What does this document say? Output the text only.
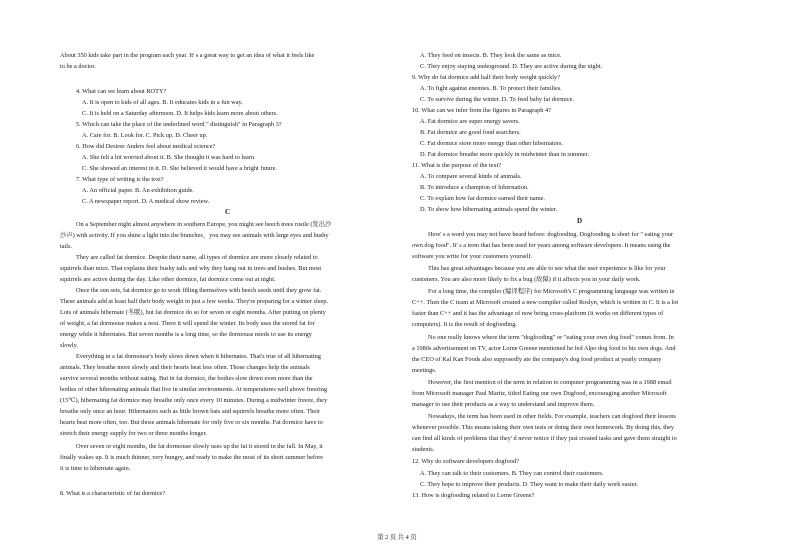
About 350 kids take part in the program each year. It' s a great way to get an idea of what it feels like
to be a doctor.
4. What can we learn about ROTY?
A. It is open to kids of all ages. B. It educates kids in a fun way.
C. It is held on a Saturday afternoon. D. It helps kids learn more about others.
5. Which can take the place of the underlined word " distinguish" in Paragraph 3?
A. Care for. B. Look for. C. Pick up. D. Cheer up.
6. How did Desiree Anders feel about medical science?
A. She felt a bit worried about it. B. She thought it was hard to learn.
C. She showed an interest in it. D. She believed it would have a bright future.
7. What type of writing is the text?
A. An official paper. B. An exhibition guide.
C. A newspaper report. D. A medical show review.
C
On a September night almost anywhere in southern Europe, you might see beech trees rustle (发出沙
沙声) with activity. If you shine a light into the branches，you may see animals with large eyes and bushy
tails.
They are called fat dormice. Despite their name, all types of dormice are more closely related to
squirrels than mice. That explains their bushy tails and why they hang out in trees and bushes. But most
squirrels are active during the day. Like other dormice, fat dormice come out at night.
Once the sun sets, fat dormice go to work filling themselves with beech seeds until they grow fat.
These animals add at least half their body weight in just a few weeks. They're preparing for a winter sleep.
Lots of animals hibernate (冬眠), but fat dormice do so for seven or eight months. After putting on plenty
of weight, a fat dormouse makes a nest. There it will spend the winter. Its body uses the stored fat for
energy while it hibernates. But seven months is a long time, so the dormouse needs to use its energy
slowly.
Everything in a fat dormouse's body slows down when it hibernates. That's true of all hibernating
animals. They breathe more slowly and their hearts beat less often. Those changes help the animals
survive several months without eating. But in fat dormice, the bodies slow down even more than the
bodies of other hibernating animals that live in similar environments. At temperatures well above freezing
(15℃), hibernating fat dormice may breathe only once every 10 minutes. During a midwinter freeze, they
breathe only once an hour. Hibernators such as little brown bats and squirrels breathe more often. Their
hearts beat more often, too. But those animals hibernate for only five or six months. Fat dormice have to
stretch their energy supply for two or three months longer.
Over seven or eight months, the fat dormouse slowly uses up the fat it stored in the fall. In May, it
finally wakes up. It is much thinner, very hungry, and ready to make the most of its short summer before
it is time to hibernate again.
8. What is a characteristic of fat dormice?
A. They feed on insects. B. They look the same as mice.
C. They enjoy staying underground. D. They are active during the night.
9. Why do fat dormice add half their body weight quickly?
A. To fight against enemies. B. To protect their families.
C. To survive during the winter. D. To feed baby fat dormice.
10. What can we infer from the figures in Paragraph 4?
A. Fat dormice are super energy savers.
B. Fat dormice are good food searchers.
C. Fat dormice store more energy than other hibernators.
D. Fat dormice breathe more quickly in midwinter than in summer.
11. What is the purpose of the text?
A. To compare several kinds of animals.
B. To introduce a champion of hibernation.
C. To explain how fat dormice earned their name.
D. To show how hibernating animals spend the winter.
D
Here' s a word you may not have heard before: dogfooding. Dogfooding is short for " eating your
own dog food". It' s a term that has been used for years among software developers. It means using the
software you write for your customers yourself.
This has great advantages because you are able to see what the user experience is like for your
customers. You are also more likely to fix a bug (故障) if it affects you in your daily work.
For a long time, the compiler (编译程序) for Microsoft's C programming language was written in
C++. Then the C team at Microsoft created a new compiler called Roslyn, which is written in C. It is a lot
faster than C++ and it has the advantage of now being cross-platform (it works on different types of
computers). It is the result of dogfooding.
No one really knows where the term "dogfooding" or "eating your own dog food" comes from. In
a 1980s advertisement on TV, actor Lorne Greene mentioned he fed Alpo dog food to his own dogs. And
the CEO of Kal Kan Foods also supposedly ate the company's dog food product at yearly company
meetings.
However, the first mention of the term in relation to computer programming was in a 1988 email
from Microsoft manager Paul Maritz, titled Eating our own Dogfood, encouraging another Microsoft
manager to use their products as a way to understand and improve them.
Nowadays, the term has been used in other fields. For example, teachers can dogfood their lessons
whenever possible. This means taking their own tests or doing their own homework. By doing this, they
can find all kinds of problems that they' d never notice if they just created tasks and gave them straight to
students.
12. Why do software developers dogfood?
A. They can talk to their customers. B. They can control their customers.
C. They hope to improve their products. D. They want to make their daily work easier.
13. How is dogfooding related to Lorne Greene?
第 2 页 共 4 页
